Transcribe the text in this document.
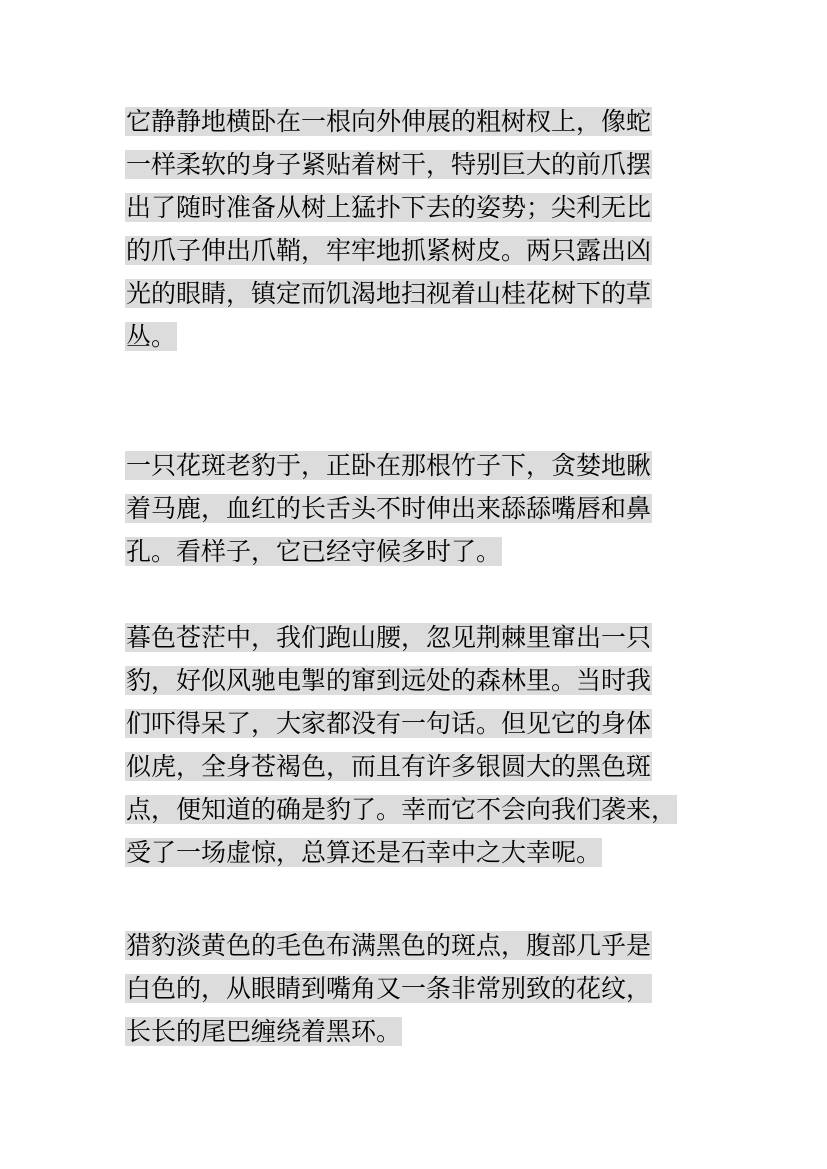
它静静地横卧在一根向外伸展的粗树杈上，像蛇
一样柔软的身子紧贴着树干，特别巨大的前爪摆
出了随时准备从树上猛扑下去的姿势；尖利无比
的爪子伸出爪鞘，牢牢地抓紧树皮。两只露出凶
光的眼睛，镇定而饥渴地扫视着山桂花树下的草
丛。
一只花斑老豹于，正卧在那根竹子下，贪婪地瞅
着马鹿，血红的长舌头不时伸出来舔舔嘴唇和鼻
孔。看样子，它已经守候多时了。
暮色苍茫中，我们跑山腰，忽见荆棘里窜出一只
豹，好似风驰电掣的窜到远处的森林里。当时我
们吓得呆了，大家都没有一句话。但见它的身体
似虎，全身苍褐色，而且有许多银圆大的黑色斑
点，便知道的确是豹了。幸而它不会向我们袭来，
受了一场虚惊，总算还是石幸中之大幸呢。
猎豹淡黄色的毛色布满黑色的斑点，腹部几乎是
白色的，从眼睛到嘴角又一条非常别致的花纹，
长长的尾巴缠绕着黑环。
